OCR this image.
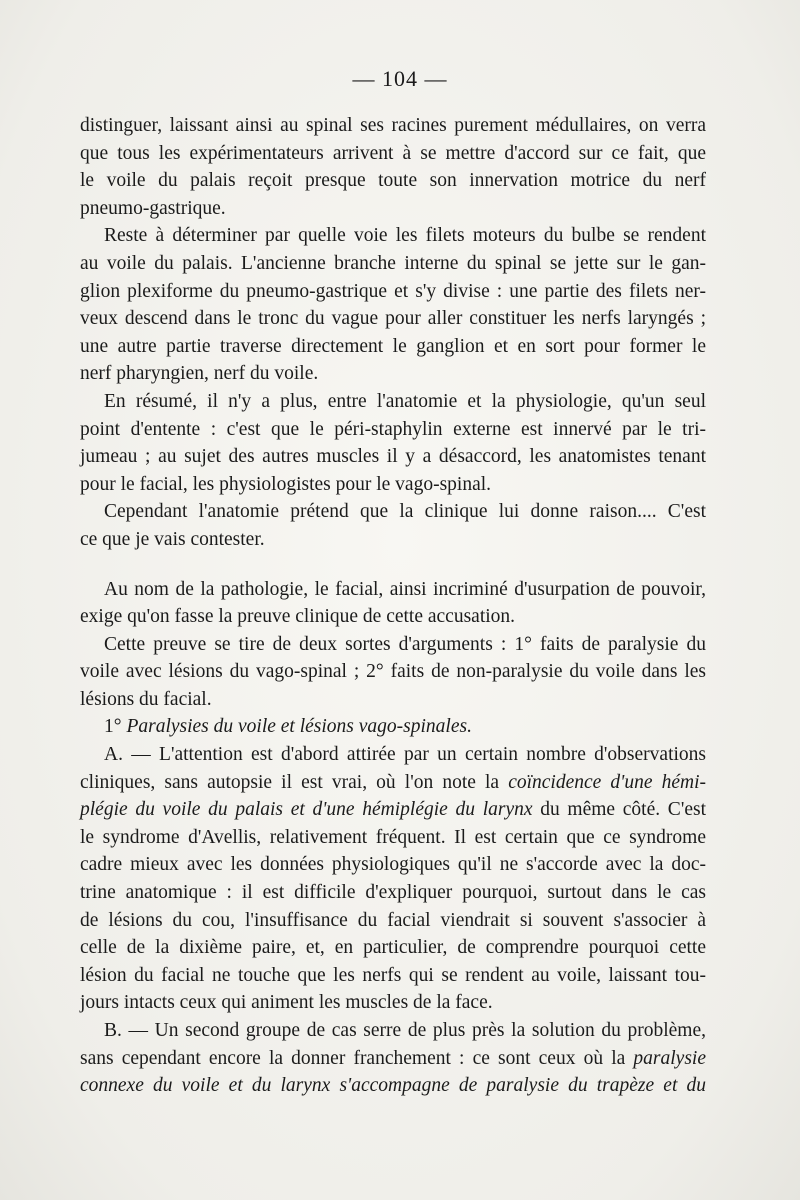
— 104 —

distinguer, laissant ainsi au spinal ses racines purement médullaires, on verra
que tous les expérimentateurs arrivent à se mettre d'accord sur ce fait, que
le voile du palais reçoit presque toute son innervation motrice du nerf
pneumo-gastrique.

Reste à déterminer par quelle voie les filets moteurs du bulbe se rendent
au voile du palais. L'ancienne branche interne du spinal se jette sur le gan-
glion plexiforme du pneumo-gastrique et s'y divise : une partie des filets ner-
veux descend dans le tronc du vague pour aller constituer les nerfs laryngés ;
une autre partie traverse directement le ganglion et en sort pour former le
nerf pharyngien, nerf du voile.

En résumé, il n'y a plus, entre l'anatomie et la physiologie, qu'un seul
point d'entente : c'est que le péri-staphylin externe est innervé par le tri-
jumeau ; au sujet des autres muscles il y a désaccord, les anatomistes tenant
pour le facial, les physiologistes pour le vago-spinal.

Cependant l'anatomie prétend que la clinique lui donne raison.... C'est
ce que je vais contester.

Au nom de la pathologie, le facial, ainsi incriminé d'usurpation de pouvoir,
exige qu'on fasse la preuve clinique de cette accusation.

Cette preuve se tire de deux sortes d'arguments : 1° faits de paralysie du
voile avec lésions du vago-spinal ; 2° faits de non-paralysie du voile dans les
lésions du facial.

1° Paralysies du voile et lésions vago-spinales.

A. — L'attention est d'abord attirée par un certain nombre d'observations
cliniques, sans autopsie il est vrai, où l'on note la coïncidence d'une hémi-
plégie du voile du palais et d'une hémiplégie du larynx du même côté. C'est
le syndrome d'Avellis, relativement fréquent. Il est certain que ce syndrome
cadre mieux avec les données physiologiques qu'il ne s'accorde avec la doc-
trine anatomique : il est difficile d'expliquer pourquoi, surtout dans le cas
de lésions du cou, l'insuffisance du facial viendrait si souvent s'associer à
celle de la dixième paire, et, en particulier, de comprendre pourquoi cette
lésion du facial ne touche que les nerfs qui se rendent au voile, laissant tou-
jours intacts ceux qui animent les muscles de la face.

B. — Un second groupe de cas serre de plus près la solution du problème,
sans cependant encore la donner franchement : ce sont ceux où la paralysie
connexe du voile et du larynx s'accompagne de paralysie du trapèze et du
